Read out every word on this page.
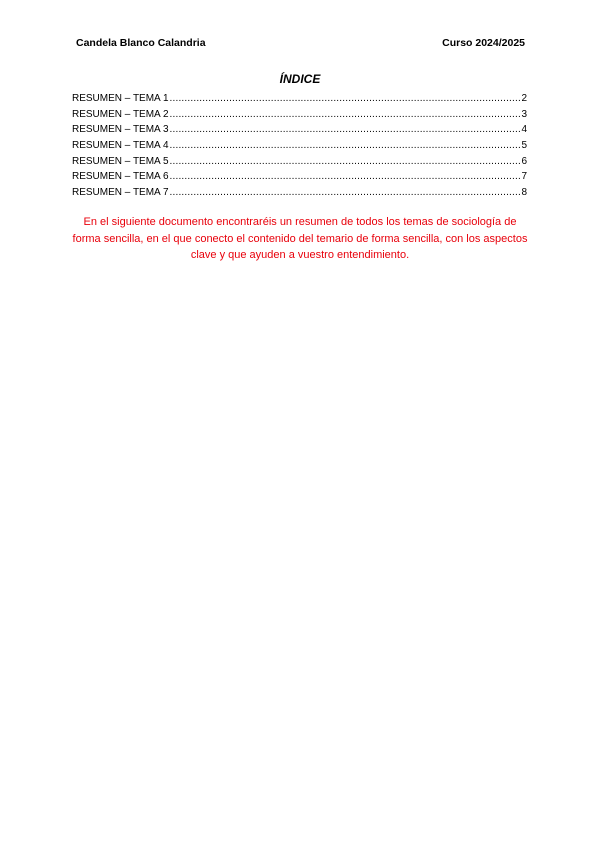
Candela Blanco Calandria	Curso 2024/2025
ÍNDICE
RESUMEN – TEMA 1 .....	2
RESUMEN – TEMA 2 .....	3
RESUMEN – TEMA 3 .....	4
RESUMEN – TEMA 4 .....	5
RESUMEN – TEMA 5 .....	6
RESUMEN – TEMA 6 .....	7
RESUMEN – TEMA 7 .....	8

En el siguiente documento encontraréis un resumen de todos los temas de sociología de forma sencilla, en el que conecto el contenido del temario de forma sencilla, con los aspectos clave y que ayuden a vuestro entendimiento.
